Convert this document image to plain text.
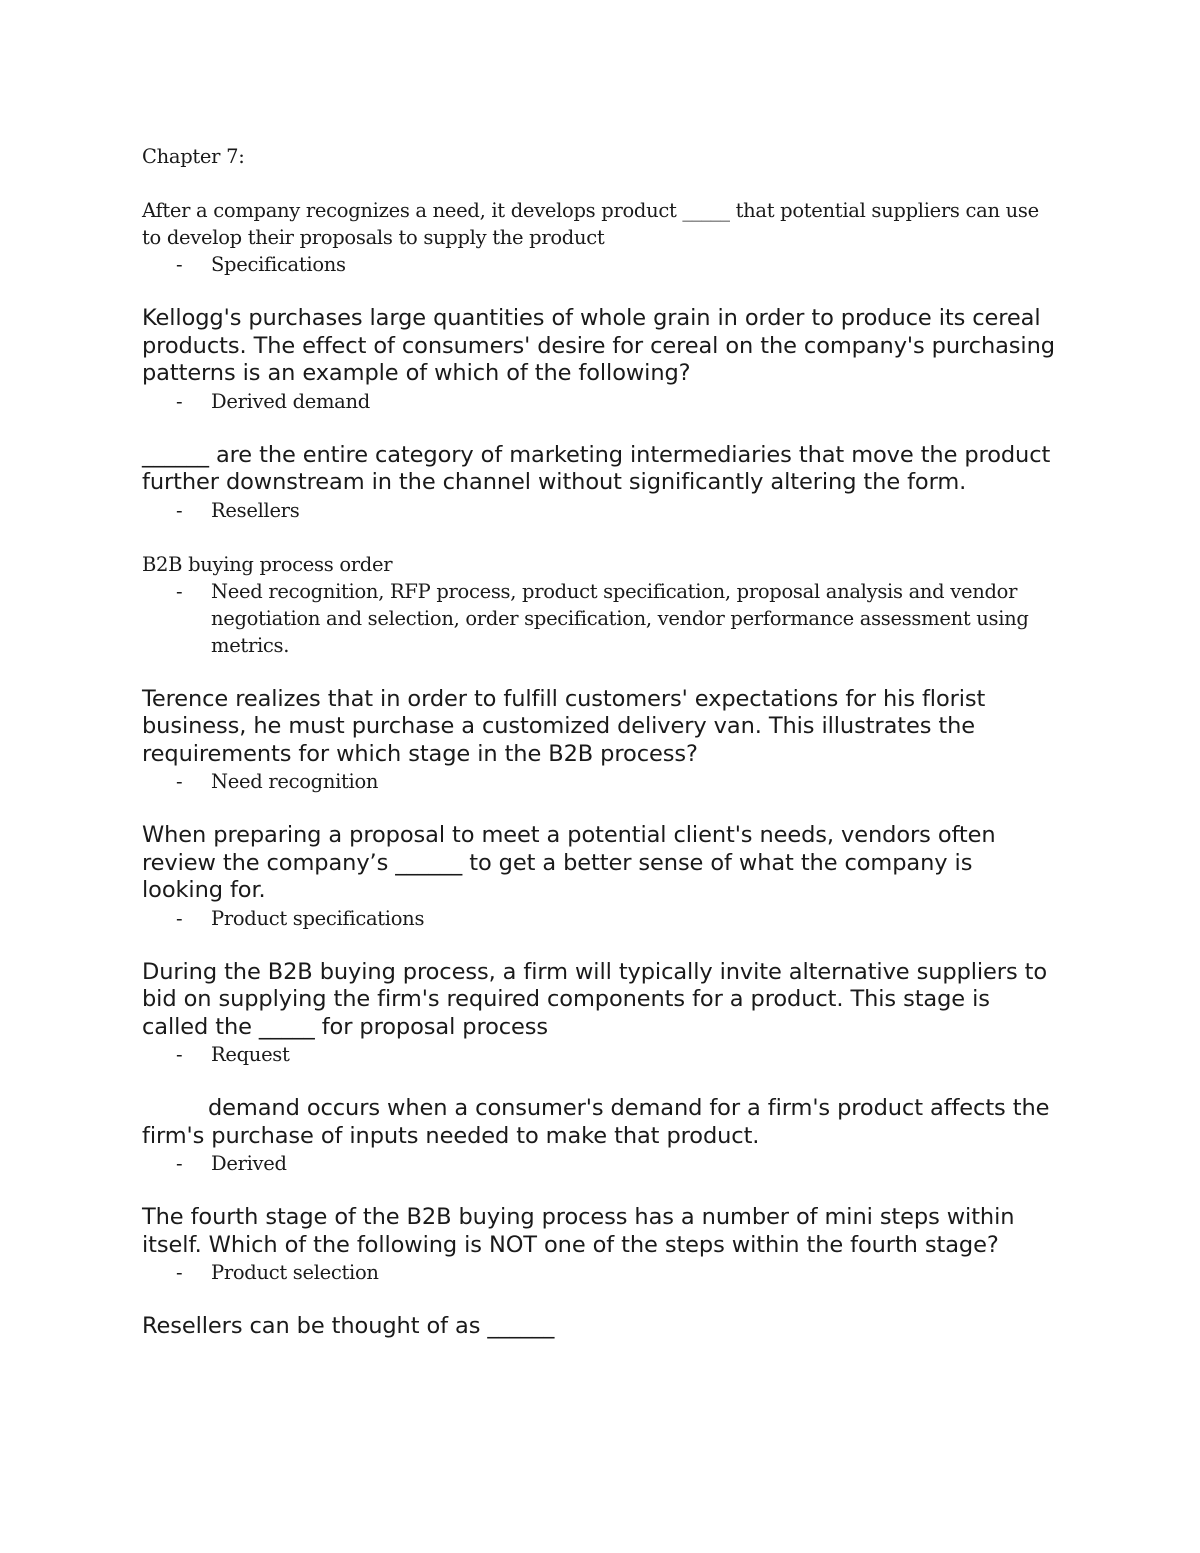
Chapter 7:

After a company recognizes a need, it develops product _____ that potential suppliers can use to develop their proposals to supply the product

- Specifications

Kellogg's purchases large quantities of whole grain in order to produce its cereal products. The effect of consumers' desire for cereal on the company's purchasing patterns is an example of which of the following?

- Derived demand

______ are the entire category of marketing intermediaries that move the product further downstream in the channel without significantly altering the form.

- Resellers

B2B buying process order

- Need recognition, RFP process, product specification, proposal analysis and vendor negotiation and selection, order specification, vendor performance assessment using metrics.

Terence realizes that in order to fulfill customers' expectations for his florist business, he must purchase a customized delivery van. This illustrates the requirements for which stage in the B2B process?

- Need recognition

When preparing a proposal to meet a potential client's needs, vendors often review the company’s ______ to get a better sense of what the company is looking for.

- Product specifications

During the B2B buying process, a firm will typically invite alternative suppliers to bid on supplying the firm's required components for a product. This stage is called the _____ for proposal process

- Request

demand occurs when a consumer's demand for a firm's product affects the firm's purchase of inputs needed to make that product.

- Derived

The fourth stage of the B2B buying process has a number of mini steps within itself. Which of the following is NOT one of the steps within the fourth stage?

- Product selection

Resellers can be thought of as ______
